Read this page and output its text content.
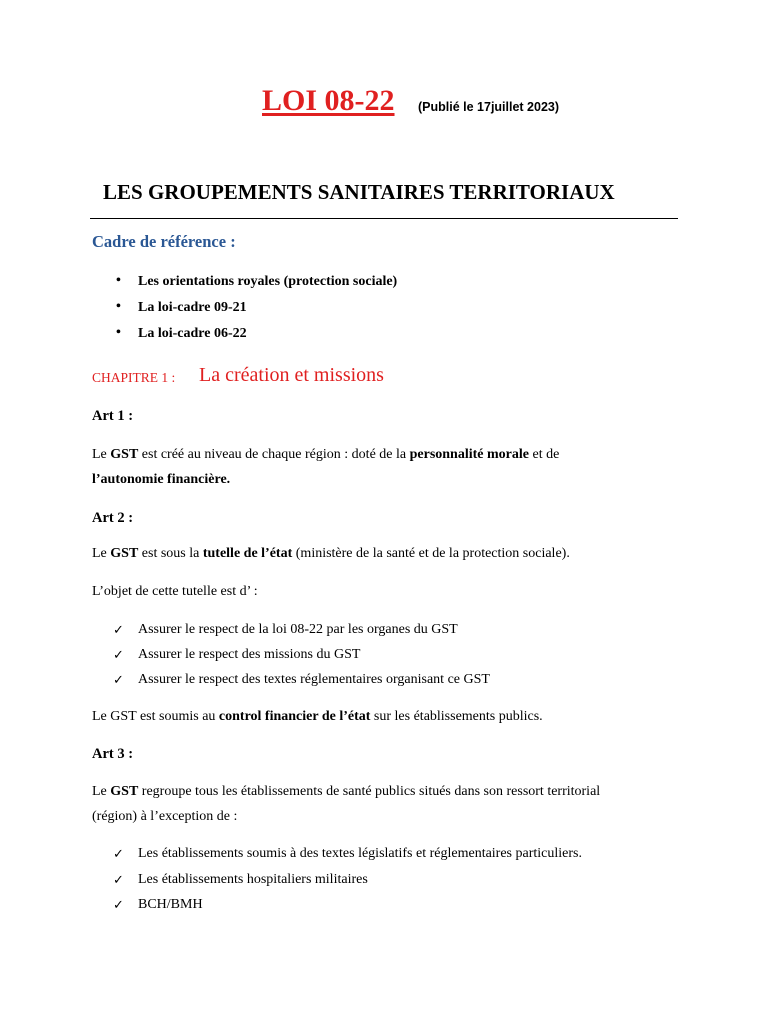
LOI 08-22 (Publié le 17juillet 2023)
LES GROUPEMENTS SANITAIRES TERRITORIAUX
Cadre de référence :
• Les orientations royales (protection sociale)
• La loi-cadre 09-21
• La loi-cadre 06-22
CHAPITRE 1 : La création et missions
Art 1 :
Le GST est créé au niveau de chaque région : doté de la personnalité morale et de
l’autonomie financière.
Art 2 :
Le GST est sous la tutelle de l’état (ministère de la santé et de la protection sociale).
L’objet de cette tutelle est d’ :
✓ Assurer le respect de la loi 08-22 par les organes du GST
✓ Assurer le respect des missions du GST
✓ Assurer le respect des textes réglementaires organisant ce GST
Le GST est soumis au control financier de l’état sur les établissements publics.
Art 3 :
Le GST regroupe tous les établissements de santé publics situés dans son ressort territorial
(région) à l’exception de :
✓ Les établissements soumis à des textes législatifs et réglementaires particuliers.
✓ Les établissements hospitaliers militaires
✓ BCH/BMH
